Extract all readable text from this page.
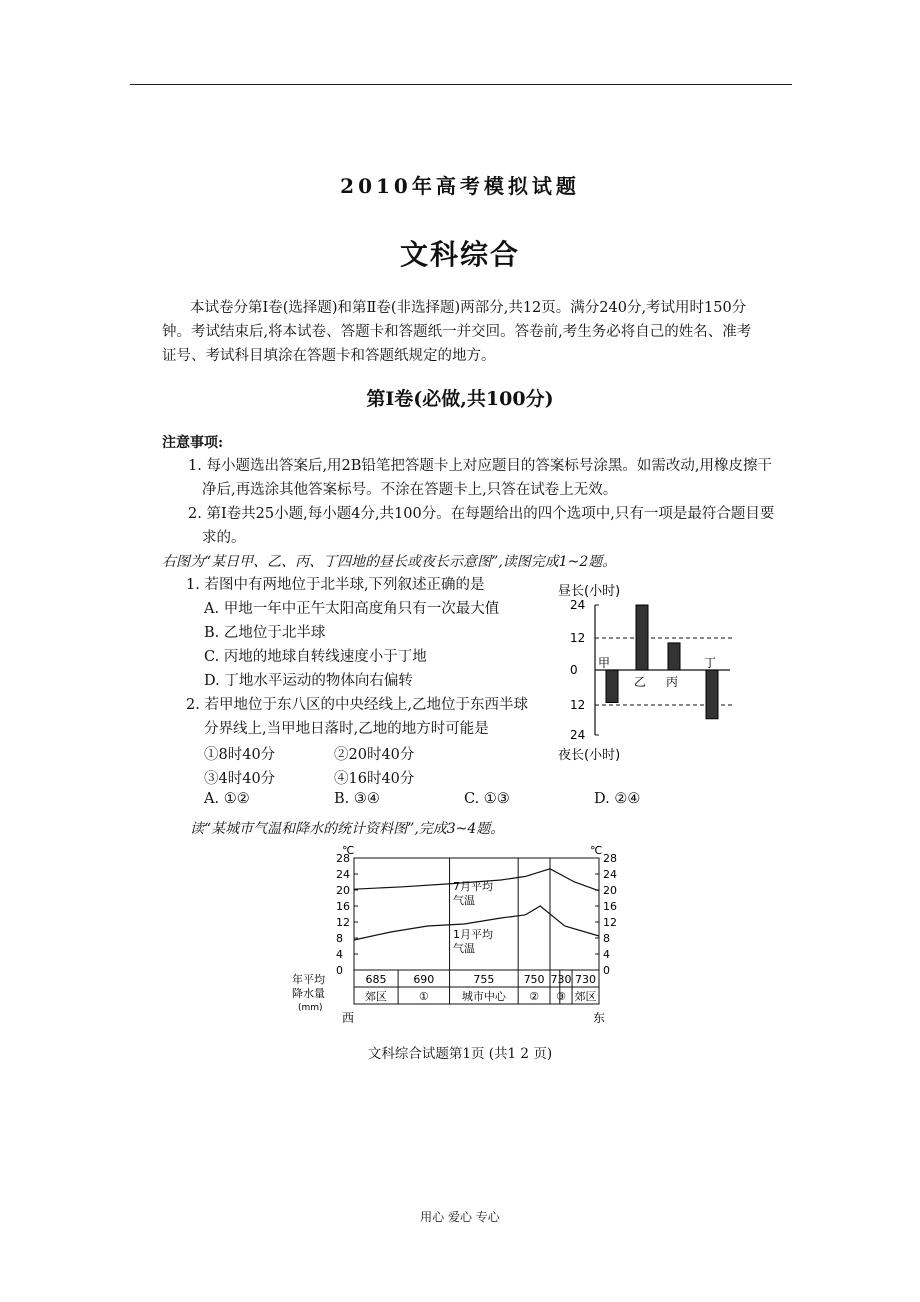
2010年高考模拟试题
文科综合
本试卷分第Ⅰ卷(选择题)和第Ⅱ卷(非选择题)两部分,共12页。满分240分,考试用时150分钟。考试结束后,将本试卷、答题卡和答题纸一并交回。答卷前,考生务必将自己的姓名、准考证号、考试科目填涂在答题卡和答题纸规定的地方。
第Ⅰ卷(必做,共100分)
注意事项:
1. 每小题选出答案后,用2B铅笔把答题卡上对应题目的答案标号涂黑。如需改动,用橡皮擦干净后,再选涂其他答案标号。不涂在答题卡上,只答在试卷上无效。
2. 第Ⅰ卷共25小题,每小题4分,共100分。在每题给出的四个选项中,只有一项是最符合题目要求的。
右图为“某日甲、乙、丙、丁四地的昼长或夜长示意图”,读图完成1~2题。
1. 若图中有两地位于北半球,下列叙述正确的是
A. 甲地一年中正午太阳高度角只有一次最大值
B. 乙地位于北半球
C. 丙地的地球自转线速度小于丁地
D. 丁地水平运动的物体向右偏转
2. 若甲地位于东八区的中央经线上,乙地位于东西半球
分界线上,当甲地日落时,乙地的地方时可能是
①8时40分	②20时40分
③4时40分	④16时40分
A. ①②	B. ③④	C. ①③	D. ②④
读“某城市气温和降水的统计资料图”,完成3~4题。
昼长(小时)
24
12
0
12
24
甲
乙 丙
丁
夜长(小时)
℃	℃
0	0
4	4
8	8
12	12
16	16
20	20
24	24
28	28
7月平均
气温
1月平均
气温
685 690	755	750 730 730
郊区	①	城市中心 ② ③ 郊区
年平均
降水量
(mm)
西	东
文科综合试题第1页 (共1 2 页)
用心 爱心 专心
